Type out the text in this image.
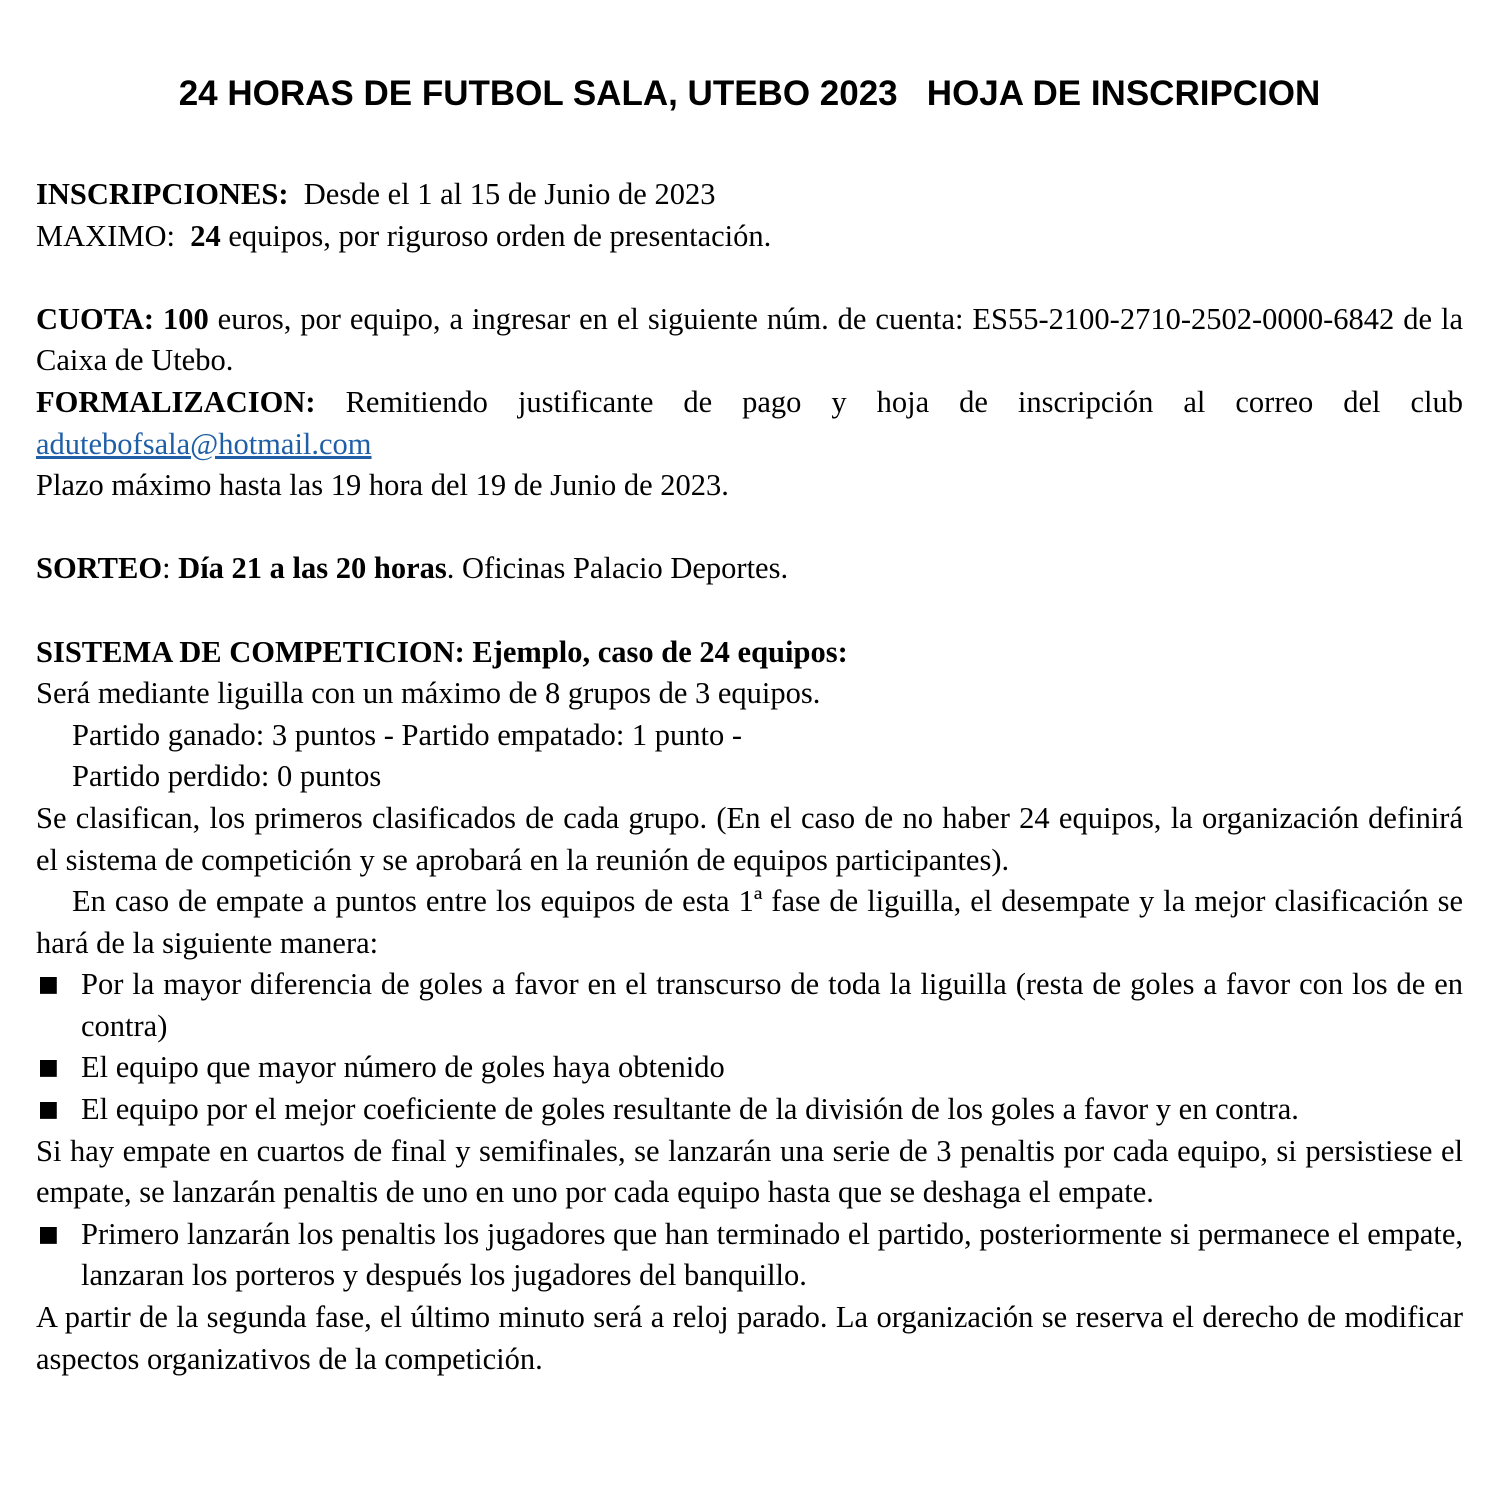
24 HORAS DE FUTBOL SALA, UTEBO 2023   HOJA DE INSCRIPCION

INSCRIPCIONES:  Desde el 1 al 15 de Junio de 2023

MAXIMO:  24 equipos, por riguroso orden de presentación.

CUOTA: 100 euros, por equipo, a ingresar en el siguiente núm. de cuenta: ES55-2100-2710-2502-0000-6842 de la Caixa de Utebo.

FORMALIZACION: Remitiendo justificante de pago y hoja de inscripción al correo del club adutebofsala@hotmail.com

Plazo máximo hasta las 19 hora del 19 de Junio de 2023.

SORTEO: Día 21 a las 20 horas. Oficinas Palacio Deportes.

SISTEMA DE COMPETICION: Ejemplo, caso de 24 equipos:

Será mediante liguilla con un máximo de 8 grupos de 3 equipos.

Partido ganado: 3 puntos - Partido empatado: 1 punto -

Partido perdido: 0 puntos

Se clasifican, los primeros clasificados de cada grupo. (En el caso de no haber 24 equipos, la organización definirá el sistema de competición y se aprobará en la reunión de equipos participantes).

En caso de empate a puntos entre los equipos de esta 1ª fase de liguilla, el desempate y la mejor clasificación se hará de la siguiente manera:

■ Por la mayor diferencia de goles a favor en el transcurso de toda la liguilla (resta de goles a favor con los de en contra)
■ El equipo que mayor número de goles haya obtenido
■ El equipo por el mejor coeficiente de goles resultante de la división de los goles a favor y en contra.

Si hay empate en cuartos de final y semifinales, se lanzarán una serie de 3 penaltis por cada equipo, si persistiese el empate, se lanzarán penaltis de uno en uno por cada equipo hasta que se deshaga el empate.

■ Primero lanzarán los penaltis los jugadores que han terminado el partido, posteriormente si permanece el empate, lanzaran los porteros y después los jugadores del banquillo.

A partir de la segunda fase, el último minuto será a reloj parado. La organización se reserva el derecho de modificar aspectos organizativos de la competición.
